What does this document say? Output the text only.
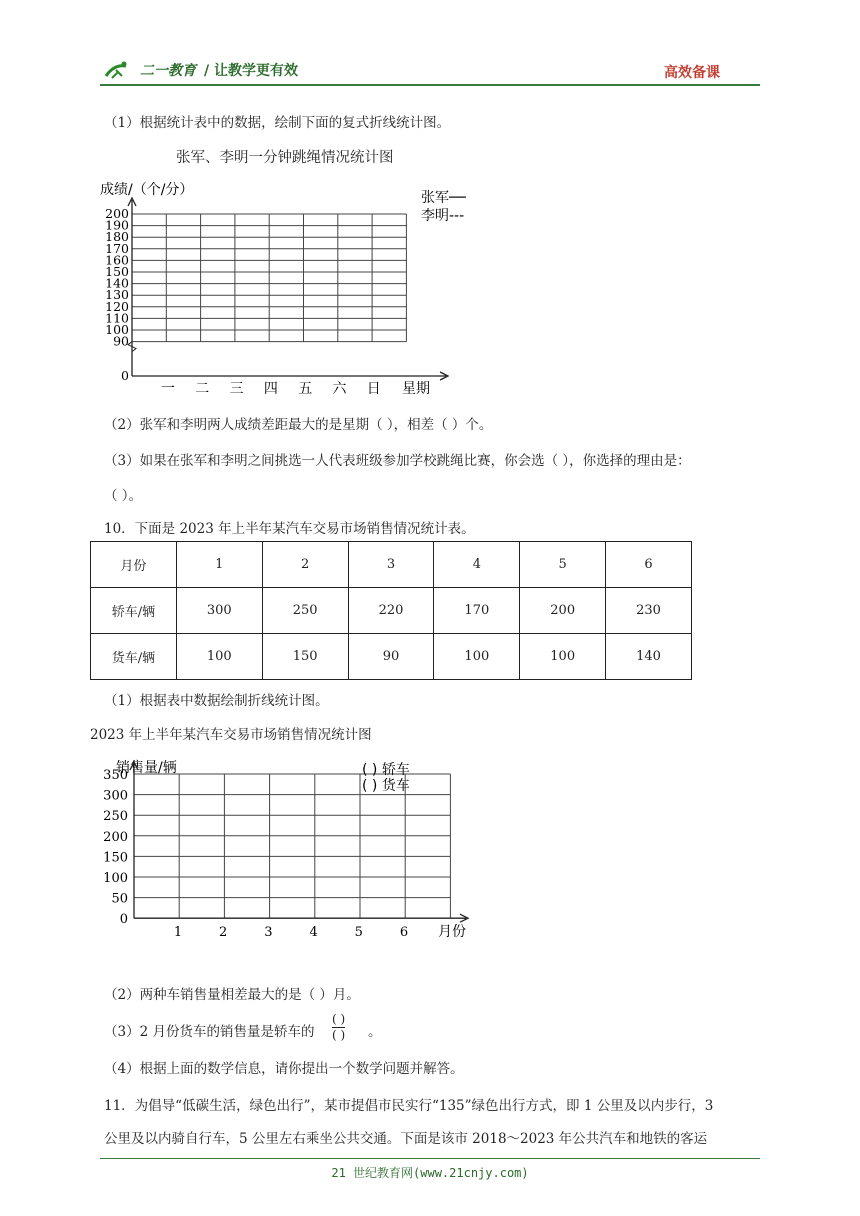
二一教育 / 让教学更有效	高效备课
（1）根据统计表中的数据，绘制下面的复式折线统计图。
张军、李明一分钟跳绳情况统计图
成绩/（个/分）
200
190
180
170
160
150
140
130
120
110
100
90
0
一 二 三 四 五 六 日 星期
张军──
李明---
（2）张军和李明两人成绩差距最大的是星期（ ），相差（ ）个。
（3）如果在张军和李明之间挑选一人代表班级参加学校跳绳比赛，你会选（ ），你选择的理由是：
（ ）。
10．下面是 2023 年上半年某汽车交易市场销售情况统计表。
月份	1	2	3	4	5	6
轿车/辆	300	250	220	170	200	230
货车/辆	100	150	90	100	100	140
（1）根据表中数据绘制折线统计图。
2023 年上半年某汽车交易市场销售情况统计图
销售量/辆
350
300
250
200
150
100
50
0
1	2	3	4	5	6 月份
( ) 轿车
( ) 货车
（2）两种车销售量相差最大的是（ ）月。
（3）2 月份货车的销售量是轿车的
( )
( ) 。
（4）根据上面的数学信息，请你提出一个数学问题并解答。
11．为倡导“低碳生活，绿色出行”，某市提倡市民实行“135”绿色出行方式，即 1 公里及以内步行，3
公里及以内骑自行车，5 公里左右乘坐公共交通。下面是该市 2018～2023 年公共汽车和地铁的客运
21 世纪教育网(www.21cnjy.com)
